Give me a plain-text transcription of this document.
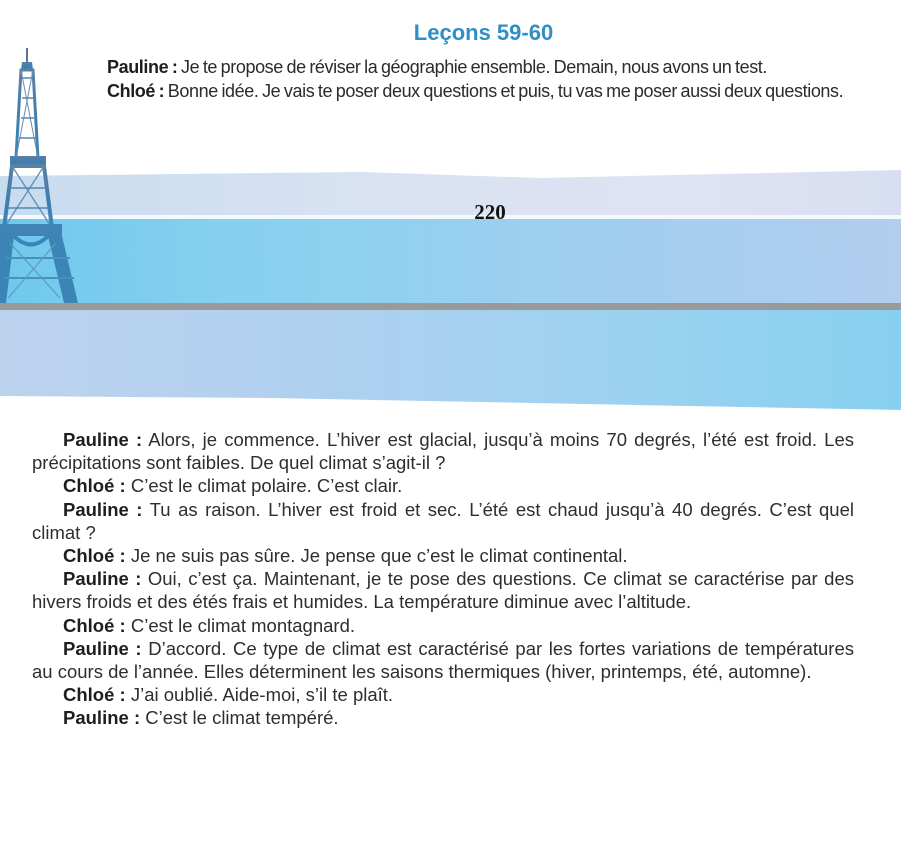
Leçons 59-60

Pauline : Je te propose de réviser la géographie ensemble. Demain, nous avons un test.

Chloé : Bonne idée. Je vais te poser deux questions et puis, tu vas me poser aussi deux questions.

220

Pauline : Alors, je commence. L’hiver est glacial, jusqu’à moins 70 degrés, l’été est froid. Les précipitations sont faibles. De quel climat s’agit-il ?

Chloé : C’est le climat polaire. C’est clair.

Pauline : Tu as raison. L’hiver est froid et sec. L’été est chaud jusqu’à 40 degrés. C’est quel climat ?

Chloé : Je ne suis pas sûre. Je pense que c’est le climat continental.

Pauline : Oui, c’est ça. Maintenant, je te pose des questions. Ce climat se caractérise par des hivers froids et des étés frais et humides. La température diminue avec l’altitude.

Chloé : C’est le climat montagnard.

Pauline : D’accord. Ce type de climat est caractérisé par les fortes variations de températures au cours de l’année. Elles déterminent les saisons thermiques (hiver, printemps, été, automne).

Chloé : J’ai oublié. Aide-moi, s’il te plaît.

Pauline : C’est le climat tempéré.
